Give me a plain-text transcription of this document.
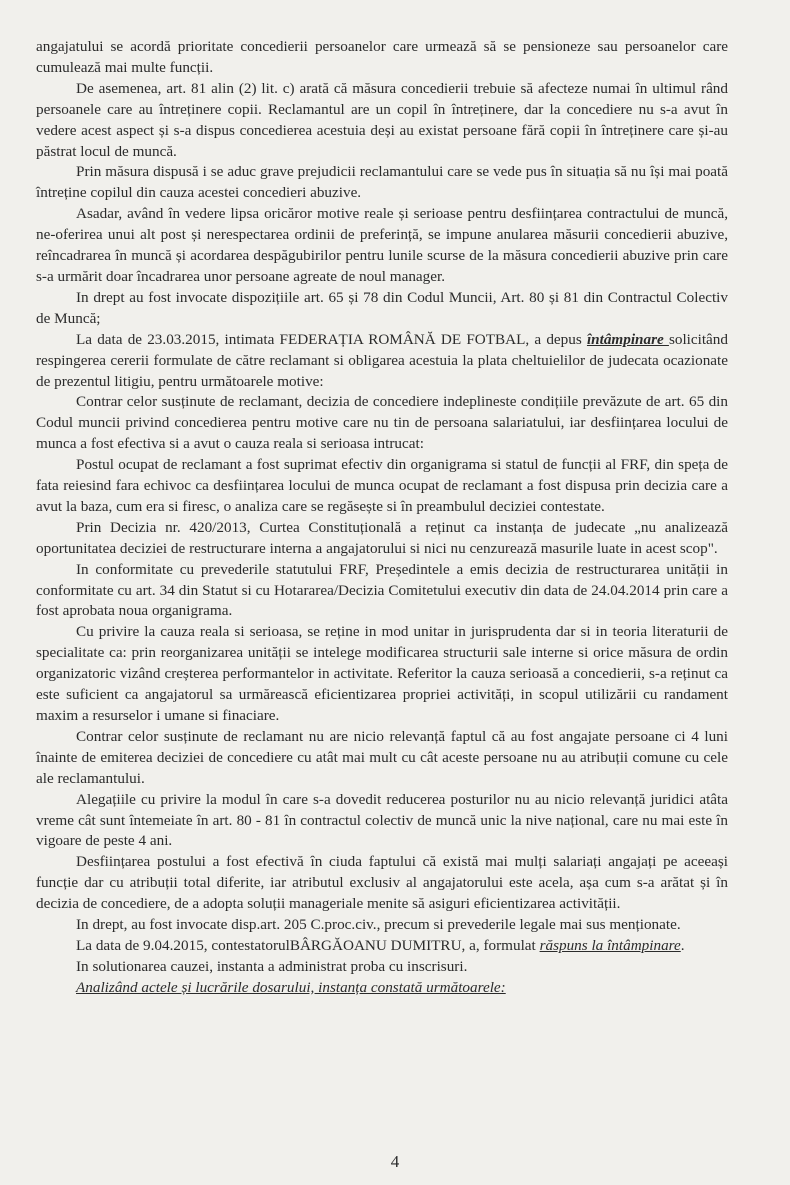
angajatului se acordă prioritate concedierii persoanelor care urmează să se pensioneze sau persoanelor care cumulează mai multe funcții.

De asemenea, art. 81 alin (2) lit. c) arată că măsura concedierii trebuie să afecteze numai în ultimul rând persoanele care au întreținere copii. Reclamantul are un copil în întreținere, dar la concediere nu s-a avut în vedere acest aspect și s-a dispus concedierea acestuia deși au existat persoane fără copii în întreținere care și-au păstrat locul de muncă.

Prin măsura dispusă i se aduc grave prejudicii reclamantului care se vede pus în situația să nu își mai poată întreține copilul din cauza acestei concedieri abuzive.

Asadar, având în vedere lipsa oricăror motive reale și serioase pentru desființarea contractului de muncă, ne-oferirea unui alt post și nerespectarea ordinii de preferință, se impune anularea măsurii concedierii abuzive, reîncadrarea în muncă și acordarea despăgubirilor pentru lunile scurse de la măsura concedierii abuzive prin care s-a urmărit doar încadrarea unor persoane agreate de noul manager.

In drept au fost invocate dispozițiile art. 65 și 78 din Codul Muncii, Art. 80 și 81 din Contractul Colectiv de Muncă;

La data de 23.03.2015, intimata FEDERAȚIA ROMÂNĂ DE FOTBAL, a depus întâmpinare solicitând respingerea cererii formulate de către reclamant si obligarea acestuia la plata cheltuielilor de judecata ocazionate de prezentul litigiu, pentru următoarele motive:

Contrar celor susținute de reclamant, decizia de concediere indeplineste condițiile prevăzute de art. 65 din Codul muncii privind concedierea pentru motive care nu tin de persoana salariatului, iar desființarea locului de munca a fost efectiva si a avut o cauza reala si serioasa intrucat:

Postul ocupat de reclamant a fost suprimat efectiv din organigrama si statul de funcții al FRF, din speța de fata reiesind fara echivoc ca desființarea locului de munca ocupat de reclamant a fost dispusa prin decizia care a avut la baza, cum era si firesc, o analiza care se regăsește si în preambulul deciziei contestate.

Prin Decizia nr. 420/2013, Curtea Constituțională a reținut ca instanța de judecate „nu analizează oportunitatea deciziei de restructurare interna a angajatorului si nici nu cenzurează masurile luate in acest scop".

In conformitate cu prevederile statutului FRF, Președintele a emis decizia de restructurarea unității in conformitate cu art. 34 din Statut si cu Hotararea/Decizia Comitetului executiv din data de 24.04.2014 prin care a fost aprobata noua organigrama.

Cu privire la cauza reala si serioasa, se reține in mod unitar in jurisprudenta dar si in teoria literaturii de specialitate ca: prin reorganizarea unității se intelege modificarea structurii sale interne si orice măsura de ordin organizatoric vizând creșterea performantelor in activitate. Referitor la cauza serioasă a concedierii, s-a reținut ca este suficient ca angajatorul sa urmărească eficientizarea propriei activități, in scopul utilizării cu randament maxim a resurselor i umane si finaciare.

Contrar celor susținute de reclamant nu are nicio relevanță faptul că au fost angajate persoane ci 4 luni înainte de emiterea deciziei de concediere cu atât mai mult cu cât aceste persoane nu au atribuții comune cu cele ale reclamantului.

Alegațiile cu privire la modul în care s-a dovedit reducerea posturilor nu au nicio relevanță juridici atâta vreme cât sunt întemeiate în art. 80 - 81 în contractul colectiv de muncă unic la nive național, care nu mai este în vigoare de peste 4 ani.

Desființarea postului a fost efectivă în ciuda faptului că există mai mulți salariați angajați pe aceeași funcție dar cu atribuții total diferite, iar atributul exclusiv al angajatorului este acela, așa cum s-a arătat și în decizia de concediere, de a adopta soluții manageriale menite să asiguri eficientizarea activității.

In drept, au fost invocate disp.art. 205 C.proc.civ., precum si prevederile legale mai sus menționate.

La data de 9.04.2015, contestatorulBÂRGĂOANU DUMITRU, a, formulat răspuns la întâmpinare.

In solutionarea cauzei, instanta a administrat proba cu inscrisuri.

Analizând actele și lucrările dosarului, instanța constată următoarele:

4
